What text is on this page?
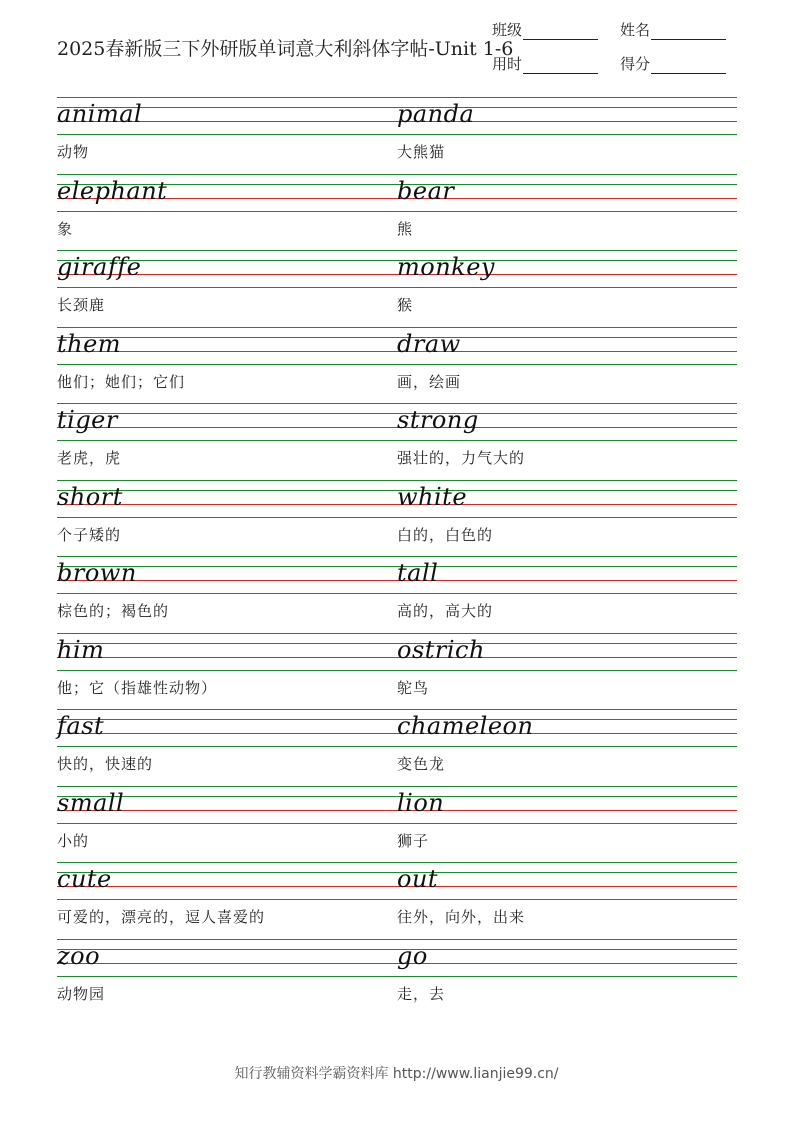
2025春新版三下外研版单词意大利斜体字帖-Unit 1-6
班级	姓名
用时	得分
animal	panda
动物	大熊猫
elephant	bear
象	熊
giraffe	monkey
长颈鹿	猴
them	draw
他们；她们；它们	画，绘画
tiger	strong
老虎，虎	强壮的，力气大的
short	white
个子矮的	白的，白色的
brown	tall
棕色的；褐色的	高的，高大的
him	ostrich
他；它（指雄性动物）	鸵鸟
fast	chameleon
快的，快速的	变色龙
small	lion
小的	狮子
cute	out
可爱的，漂亮的，逗人喜爱的	往外，向外，出来
zoo	go
动物园	走，去
知行教辅资料学霸资料库 http://www.lianjie99.cn/
